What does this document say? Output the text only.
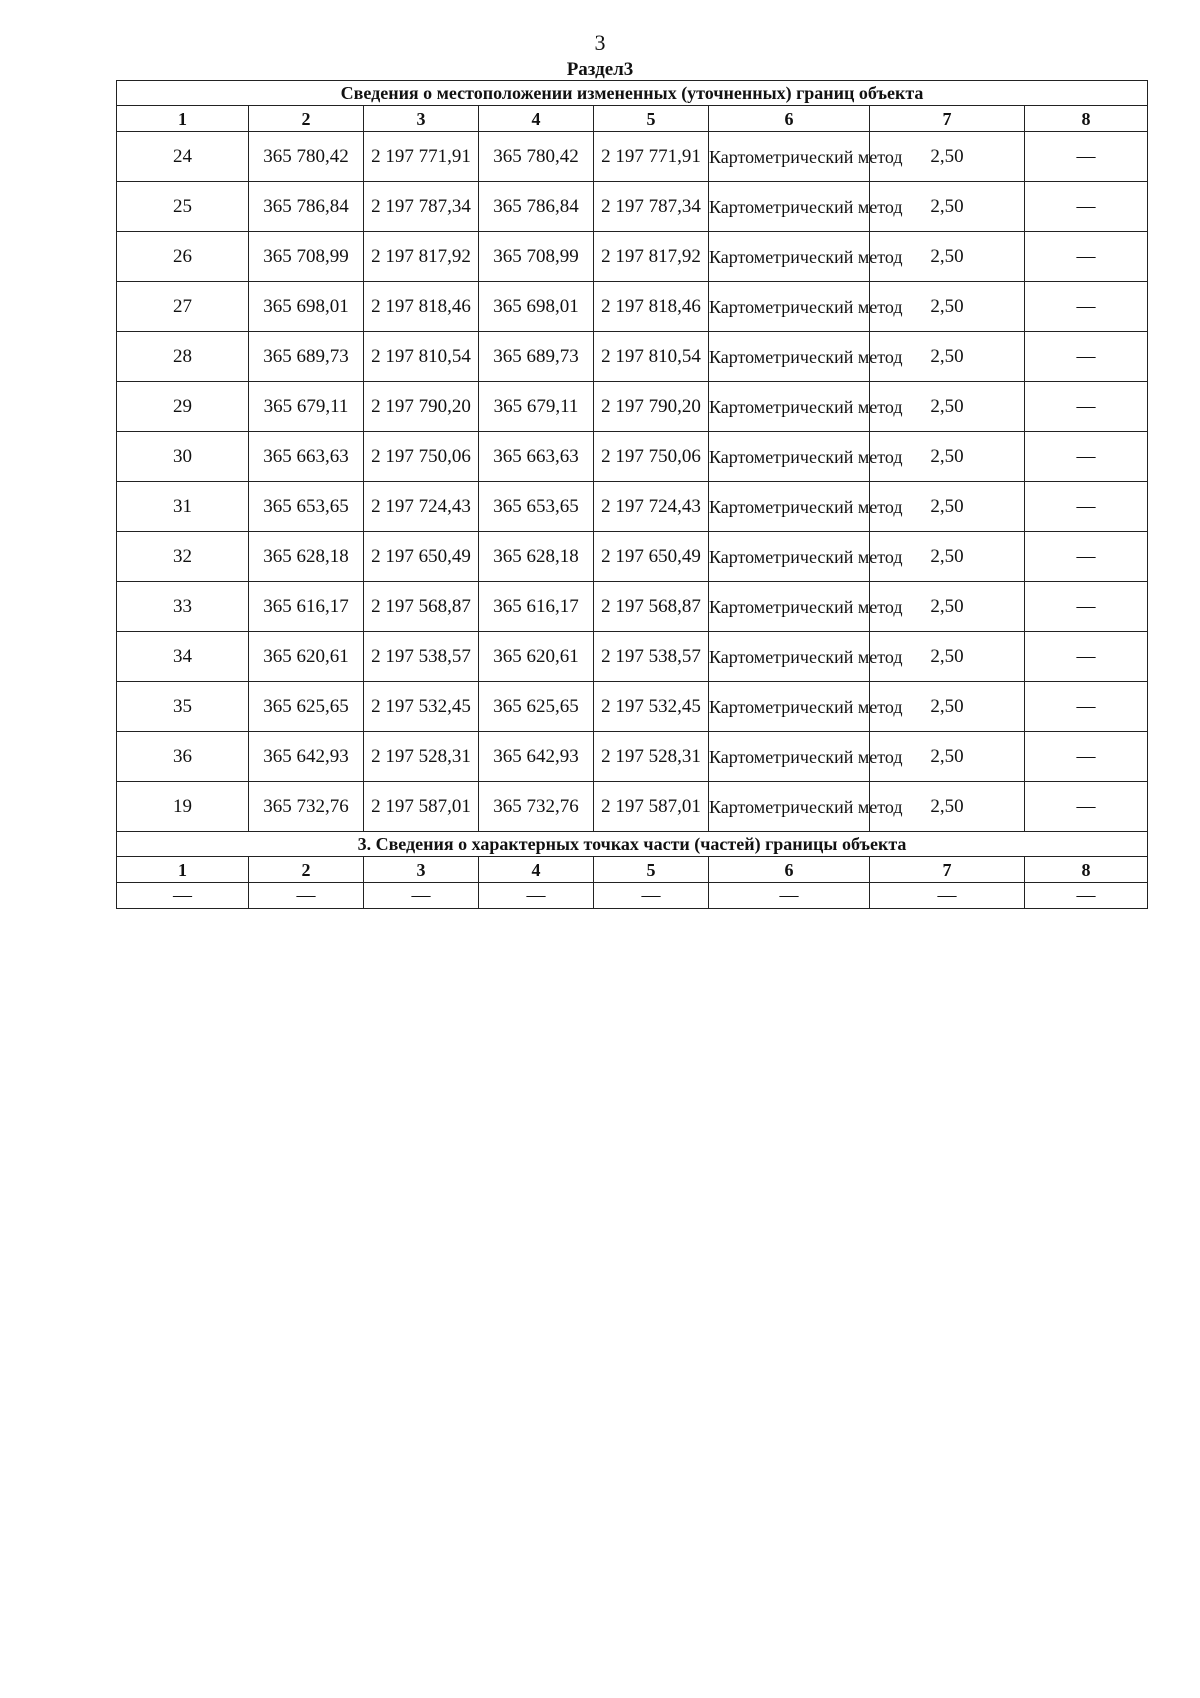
3
Раздел3
Сведения о местоположении измененных (уточненных) границ объекта							
1	2	3	4	5	6	7	8
24	365 780,42	2 197 771,91	365 780,42	2 197 771,91	Картометрический метод	2,50	—
25	365 786,84	2 197 787,34	365 786,84	2 197 787,34	Картометрический метод	2,50	—
26	365 708,99	2 197 817,92	365 708,99	2 197 817,92	Картометрический метод	2,50	—
27	365 698,01	2 197 818,46	365 698,01	2 197 818,46	Картометрический метод	2,50	—
28	365 689,73	2 197 810,54	365 689,73	2 197 810,54	Картометрический метод	2,50	—
29	365 679,11	2 197 790,20	365 679,11	2 197 790,20	Картометрический метод	2,50	—
30	365 663,63	2 197 750,06	365 663,63	2 197 750,06	Картометрический метод	2,50	—
31	365 653,65	2 197 724,43	365 653,65	2 197 724,43	Картометрический метод	2,50	—
32	365 628,18	2 197 650,49	365 628,18	2 197 650,49	Картометрический метод	2,50	—
33	365 616,17	2 197 568,87	365 616,17	2 197 568,87	Картометрический метод	2,50	—
34	365 620,61	2 197 538,57	365 620,61	2 197 538,57	Картометрический метод	2,50	—
35	365 625,65	2 197 532,45	365 625,65	2 197 532,45	Картометрический метод	2,50	—
36	365 642,93	2 197 528,31	365 642,93	2 197 528,31	Картометрический метод	2,50	—
19	365 732,76	2 197 587,01	365 732,76	2 197 587,01	Картометрический метод	2,50	—
3. Сведения о характерных точках части (частей) границы объекта							
1	2	3	4	5	6	7	8
—	—	—	—	—	—	—	—
